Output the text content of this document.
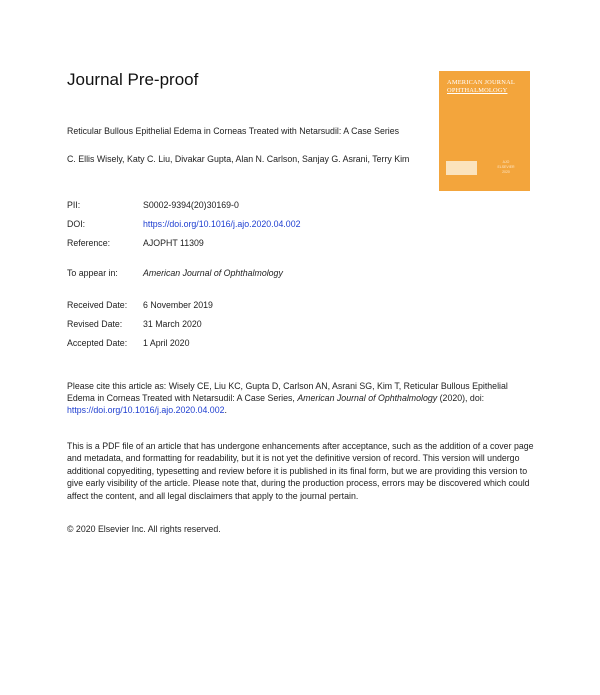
Journal Pre-proof	AMERICAN JOURNAL
OPHTHALMOLOGY
AJO
ELSEVIER
2020
Reticular Bullous Epithelial Edema in Corneas Treated with Netarsudil: A Case Series
C. Ellis Wisely, Katy C. Liu, Divakar Gupta, Alan N. Carlson, Sanjay G. Asrani, Terry Kim
PII:	S0002-9394(20)30169-0
DOI:	https://doi.org/10.1016/j.ajo.2020.04.002
Reference:	AJOPHT 11309
To appear in:	American Journal of Ophthalmology
Received Date: 6 November 2019
Revised Date: 31 March 2020
Accepted Date: 1 April 2020
Please cite this article as: Wisely CE, Liu KC, Gupta D, Carlson AN, Asrani SG, Kim T, Reticular Bullous Epithelial Edema in Corneas Treated with Netarsudil: A Case Series, American Journal of Ophthalmology (2020), doi: https://doi.org/10.1016/j.ajo.2020.04.002.
This is a PDF file of an article that has undergone enhancements after acceptance, such as the addition of a cover page and metadata, and formatting for readability, but it is not yet the definitive version of record. This version will undergo additional copyediting, typesetting and review before it is published in its final form, but we are providing this version to give early visibility of the article. Please note that, during the production process, errors may be discovered which could affect the content, and all legal disclaimers that apply to the journal pertain.
© 2020 Elsevier Inc. All rights reserved.
